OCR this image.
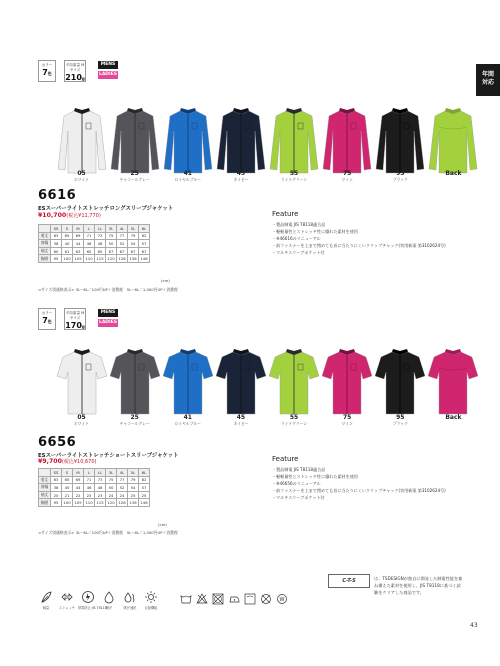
年間
対応
カラー
7色
平均重量 Mサイズ
210g
MENS
LADIES
6616
ESスーパーライトストレッチロングスリーブジャケット
¥10,700(税込¥11,770)
	SS	S	M	L	LL	3L	4L	5L	6L
着丈	63	65	69	71	73	75	77	79	82
肩幅	38	40	44	46	48	50	52	54	57
袖丈	60	61	63	65	65	67	67	67	67
胸囲	95	100	105	110	115	120	128	136	146
(cm)
<サイズ別価格表示> 3L~6L／100円UP＋消費税　5L~6L／1,000円UP＋消費税
Feature
・製品制電 JIS T8118適合品
・軽軽量性とストレッチ性に優れた素材を使用
・※46616のリニューアル
・前ファスナーを上まで閉めても首に当たりにくいクリップチャック(実用新案 第3102624号)
・マルチスリーブポケット付
05
ホワイト
25
チャコールグレー
41
ロイヤルブルー
45
ネイビー
55
ライトグリーン
75
ワイン
95
ブラック
Back
カラー
7色
平均重量 Mサイズ
170g
MENS
LADIES
6656
ESスーパーライトストレッチショートスリーブジャケット
¥9,700(税込¥10,670)
	SS	S	M	L	LL	3L	4L	5L	6L
着丈	63	65	69	71	73	75	77	79	82
肩幅	38	40	44	46	48	50	52	54	57
袖丈	20	21	22	23	23	24	24	25	25
胸囲	95	100	105	110	115	120	128	136	146
(cm)
<サイズ別価格表示> 3L~6L／100円UP＋消費税　5L~6L／1,000円UP＋消費税
Feature
・製品制電 JIS T8118適合品
・軽軽量性とストレッチ性に優れた素材を使用
・※46656のリニューアル
・前ファスナーを上まで閉めても首に当たりにくいクリップチャック(実用新案 第3102624号)
・マルチスリーブポケット付
05
ホワイト
25
チャコールグレー
41
ロイヤルブルー
45
ネイビー
55
ライトグリーン
75
ワイン
95
ブラック
Back
C-T-S	は、TSDESIGNが独自に開発した制電性能を兼ね備えた素材を使用し、JIS T8118に基づく試験をクリアした商品です。
軽量	ストレッチ 帯電防止 JIS T8118 吸汗	吸汗速乾	反射機能
W
43
